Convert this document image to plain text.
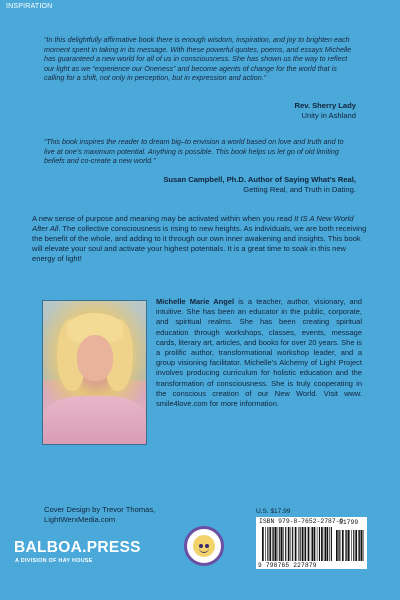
INSPIRATION
“In this delightfully affirmative book there is enough wisdom, inspiration, and joy to brighten each moment spent in taking in its message. With these powerful quotes, poems, and essays Michelle has guaranteed a new world for all of us in consciousness. She has shown us the way to reflect our light as we “experience our Oneness” and become agents of change for the world that is calling for a shift, not only in perception, but in expression and action.”
Rev. Sherry Lady
Unity in Ashland
“This book inspires the reader to dream big–to envision a world based on love and truth and to live at one’s maximum potential. Anything is possible. This book helps us let go of old limiting beliefs and co-create a new world.”
Susan Campbell, Ph.D. Author of Saying What’s Real,
Getting Real, and Truth in Dating.
A new sense of purpose and meaning may be activated within when you read It IS A New World After All. The collective consciousness is rising to new heights. As individuals, we are both receiving the benefit of the whole, and adding to it through our own inner awakening and insights. This book will elevate your soul and activate your highest potentials. It is a great time to soak in this new energy of light!
Michelle Marie Angel is a teacher, author, visionary, and intuitive. She has been an educator in the public, corporate, and spiritual realms. She has been creating spiritual education through workshops, classes, events, message cards, literary art, articles, and books for over 20 years. She is a prolific author, transformational workshop leader, and a group visioning facilitator. Michelle’s Alchemy of Light Project involves producing curriculum for holistic education and the transformation of consciousness. She is truly cooperating in the conscious creation of our New World. Visit www. smile4love.com for more information.
Cover Design by Trevor Thomas,
LightWerxMedia.com
BALBOA.PRESS
A DIVISION OF HAY HOUSE
U.S. $17.99
ISBN 979-8-7652-2787-9
51799
9 798765 227879
